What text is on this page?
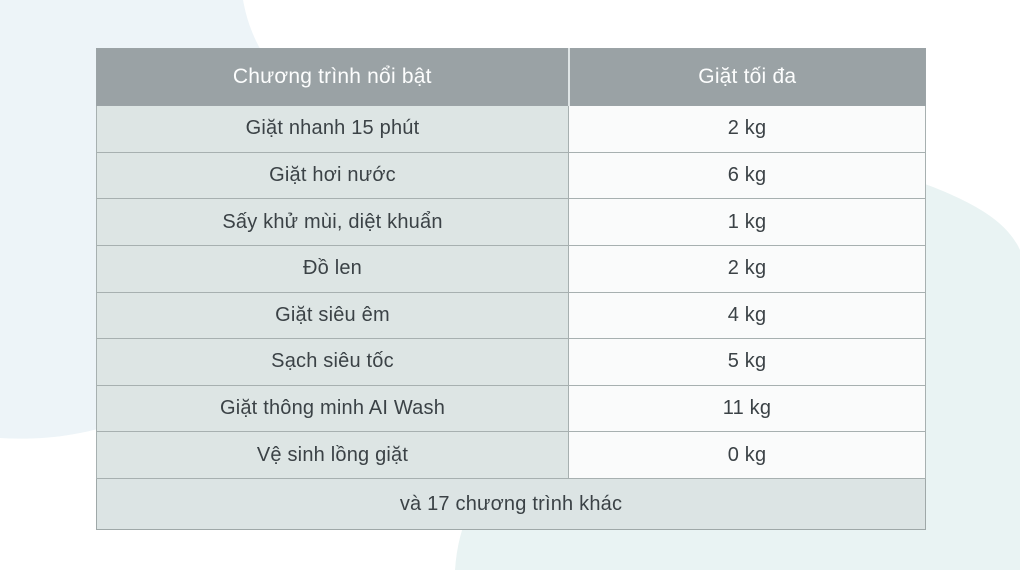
Chương trình nổi bật	Giặt tối đa
Giặt nhanh 15 phút	2 kg
Giặt hơi nước	6 kg
Sấy khử mùi, diệt khuẩn	1 kg
Đồ len	2 kg
Giặt siêu êm	4 kg
Sạch siêu tốc	5 kg
Giặt thông minh AI Wash	11 kg
Vệ sinh lồng giặt	0 kg
và 17 chương trình khác	
